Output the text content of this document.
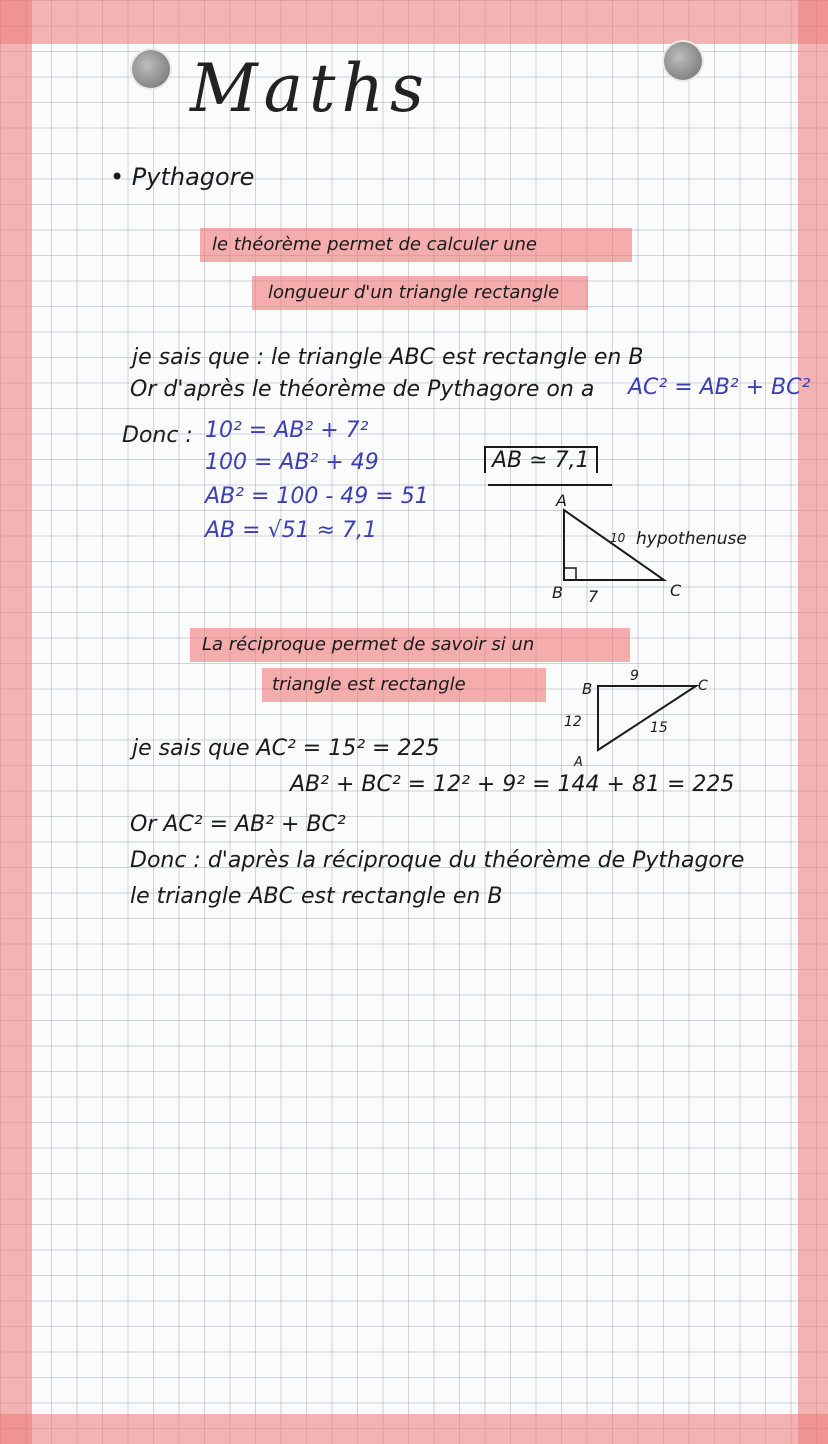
Maths
• Pythagore
le théorème permet de calculer une
longueur d'un triangle rectangle
je sais que : le triangle ABC est rectangle en B
Or d'après le théorème de Pythagore on a AC² = AB² + BC²
Donc : 10² = AB² + 7²
100 = AB² + 49
AB² = 100 - 49 = 51
AB = √51 ≈ 7,1
AB ≃ 7,1
A
B	C
7
10 hypothenuse
La réciproque permet de savoir si un
triangle est rectangle	B	C
A
9
12	15
je sais que AC² = 15² = 225
AB² + BC² = 12² + 9² = 144 + 81 = 225
Or AC² = AB² + BC²
Donc : d'après la réciproque du théorème de Pythagore
le triangle ABC est rectangle en B
